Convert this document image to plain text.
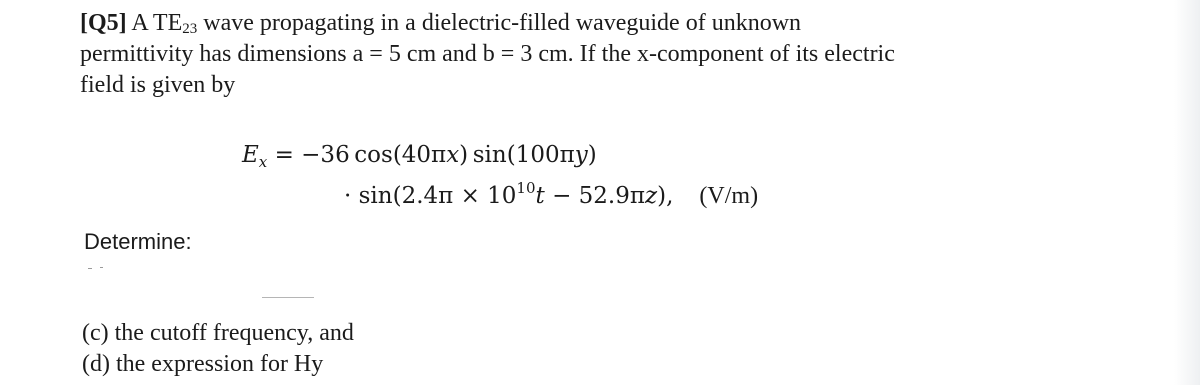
[Q5] A $TE_{23}$ wave propagating in a dielectric-filled waveguide of unknown
permittivity has dimensions a = 5 cm and b = 3 cm. If the x-component of its electric
field is given by
$E_x = -36$ cos(40πx) sin(100πy)
· $\sin(2.4\pi \times 10^{10}t - 52.9\pi z)$, (V/m)
Determine:
(c) the cutoff frequency, and
(d) the expression for Hy
